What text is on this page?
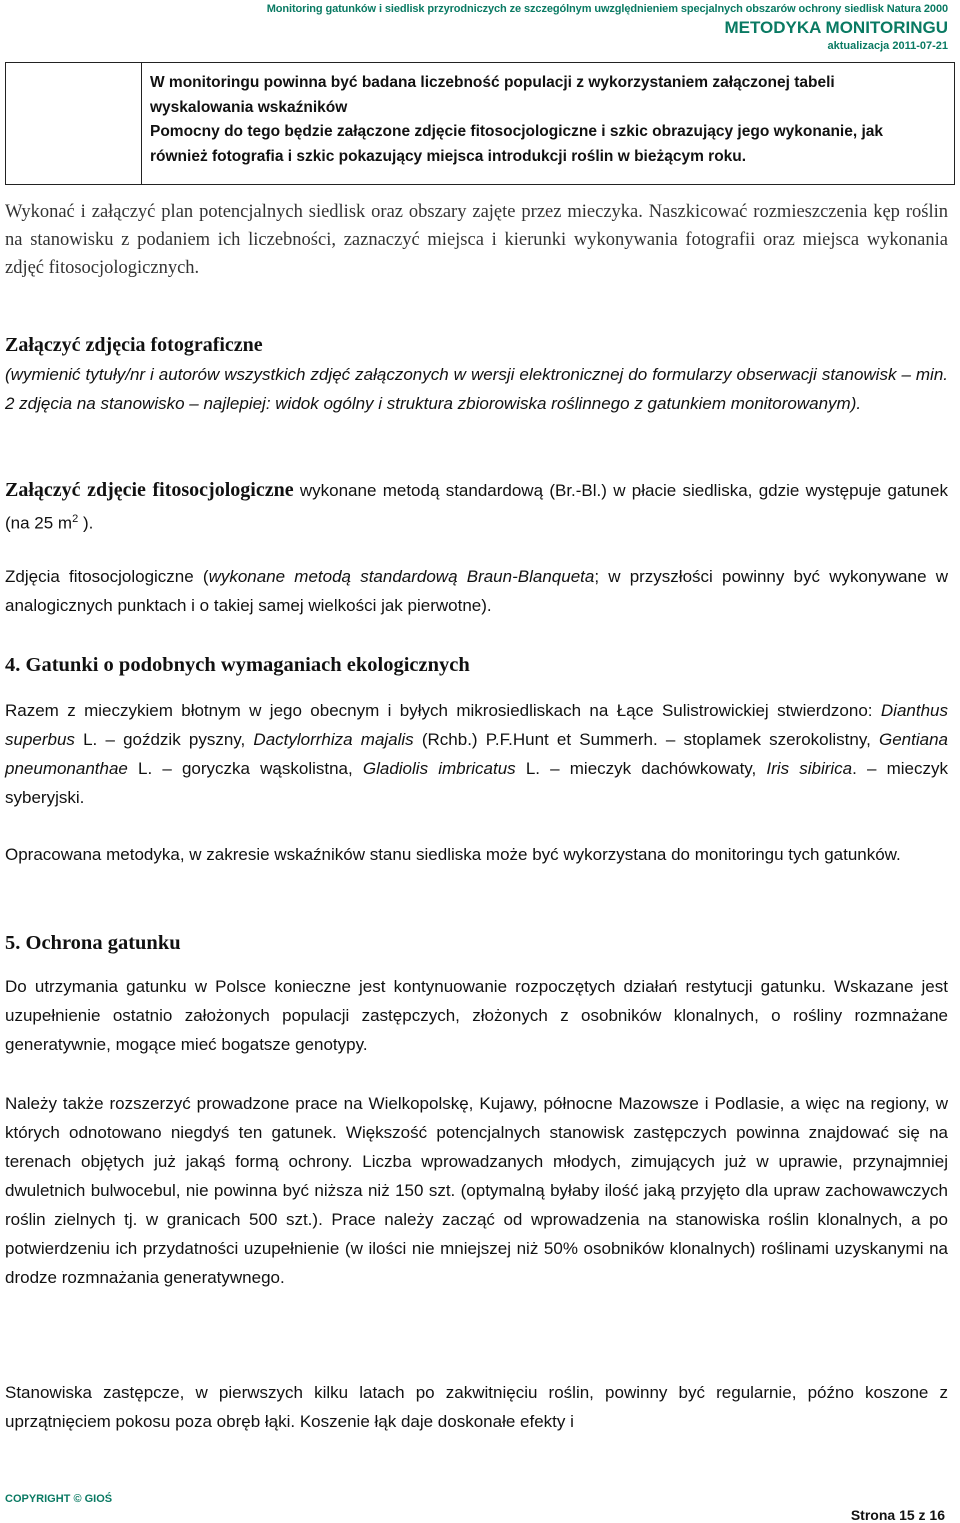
Monitoring gatunków i siedlisk przyrodniczych ze szczególnym uwzględnieniem specjalnych obszarów ochrony siedlisk Natura 2000
METODYKA MONITORINGU
aktualizacja 2011-07-21
W monitoringu powinna być badana liczebność populacji z wykorzystaniem załączonej tabeli
wyskalowania wskaźników
Pomocny do tego będzie załączone zdjęcie fitosocjologiczne i szkic obrazujący jego wykonanie, jak
również fotografia i szkic pokazujący miejsca introdukcji roślin w bieżącym roku.
Wykonać i załączyć plan potencjalnych siedlisk oraz obszary zajęte przez mieczyka. Naszkicować rozmieszczenia kęp roślin na stanowisku z podaniem ich liczebności, zaznaczyć miejsca i kierunki wykonywania fotografii oraz miejsca wykonania zdjęć fitosocjologicznych.
Załączyć zdjęcia fotograficzne
(wymienić tytuły/nr i autorów wszystkich zdjęć załączonych w wersji elektronicznej do formularzy obserwacji stanowisk – min. 2 zdjęcia na stanowisko – najlepiej: widok ogólny i struktura zbiorowiska roślinnego z gatunkiem monitorowanym).
Załączyć zdjęcie fitosocjologiczne wykonane metodą standardową (Br.-Bl.) w płacie siedliska, gdzie występuje gatunek (na 25 $m^2$ ).
Zdjęcia fitosocjologiczne (wykonane metodą standardową Braun-Blanqueta; w przyszłości powinny być wykonywane w analogicznych punktach i o takiej samej wielkości jak pierwotne).
4. Gatunki o podobnych wymaganiach ekologicznych
Razem z mieczykiem błotnym w jego obecnym i byłych mikrosiedliskach na Łące Sulistrowickiej stwierdzono: Dianthus superbus L. – goździk pyszny, Dactylorrhiza majalis (Rchb.) P.F.Hunt et Summerh. – stoplamek szerokolistny, Gentiana pneumonanthae L. – goryczka wąskolistna, Gladiolis imbricatus L. – mieczyk dachówkowaty, Iris sibirica. – mieczyk syberyjski.
Opracowana metodyka, w zakresie wskaźników stanu siedliska może być wykorzystana do monitoringu tych gatunków.
5. Ochrona gatunku
Do utrzymania gatunku w Polsce konieczne jest kontynuowanie rozpoczętych działań restytucji gatunku. Wskazane jest uzupełnienie ostatnio założonych populacji zastępczych, złożonych z osobników klonalnych, o rośliny rozmnażane generatywnie, mogące mieć bogatsze genotypy.
Należy także rozszerzyć prowadzone prace na Wielkopolskę, Kujawy, północne Mazowsze i Podlasie, a więc na regiony, w których odnotowano niegdyś ten gatunek. Większość potencjalnych stanowisk zastępczych powinna znajdować się na terenach objętych już jakąś formą ochrony. Liczba wprowadzanych młodych, zimujących już w uprawie, przynajmniej dwuletnich bulwocebul, nie powinna być niższa niż 150 szt. (optymalną byłaby ilość jaką przyjęto dla upraw zachowawczych roślin zielnych tj. w granicach 500 szt.). Prace należy zacząć od wprowadzenia na stanowiska roślin klonalnych, a po potwierdzeniu ich przydatności uzupełnienie (w ilości nie mniejszej niż 50% osobników klonalnych) roślinami uzyskanymi na drodze rozmnażania generatywnego.
Stanowiska zastępcze, w pierwszych kilku latach po zakwitnięciu roślin, powinny być regularnie, późno koszone z uprzątnięciem pokosu poza obręb łąki. Koszenie łąk daje doskonałe efekty i
COPYRIGHT © GIOŚ
Strona 15 z 16
